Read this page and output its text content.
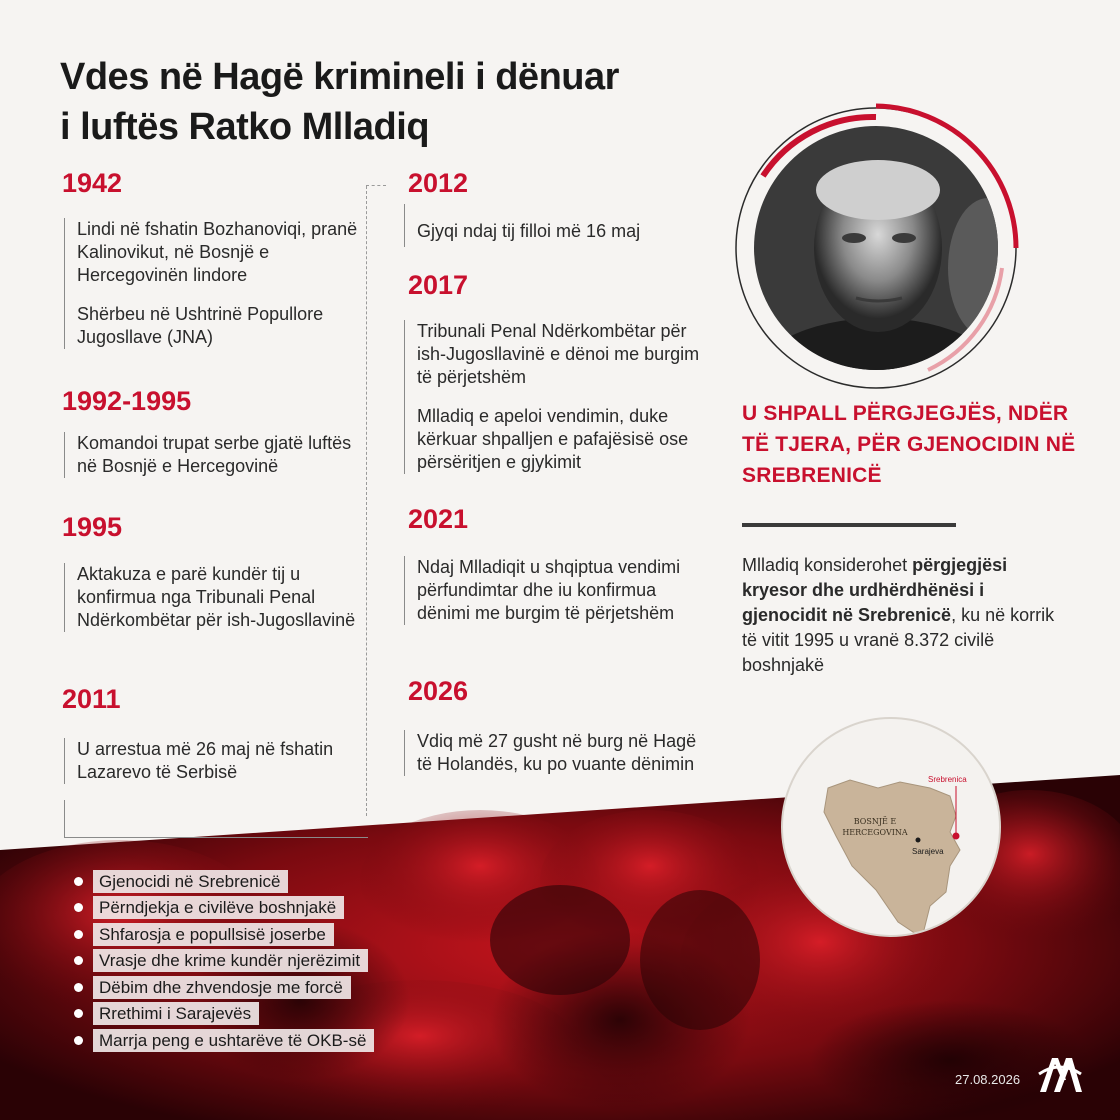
Vdes në Hagë krimineli i dënuar
i luftës Ratko Mlladiq
1942

Lindi në fshatin Bozhanoviqi, pranë Kalinovikut, në Bosnjë e Hercegovinën lindore

Shërbeu në Ushtrinë Popullore Jugosllave (JNA)

1992-1995

Komandoi trupat serbe gjatë luftës në Bosnjë e Hercegovinë

1995

Aktakuza e parë kundër tij u konfirmua nga Tribunali Penal Ndërkombëtar për ish-Jugosllavinë

2011

U arrestua më 26 maj në fshatin Lazarevo të Serbisë

2012

Gjyqi ndaj tij filloi më 16 maj

2017

Tribunali Penal Ndërkombëtar për ish-Jugosllavinë e dënoi me burgim të përjetshëm

Mlladiq e apeloi vendimin, duke kërkuar shpalljen e pafajësisë ose përsëritjen e gjykimit

2021

Ndaj Mlladiqit u shqiptua vendimi përfundimtar dhe iu konfirmua dënimi me burgim të përjetshëm

2026

Vdiq më 27 gusht në burg në Hagë të Holandës, ku po vuante dënimin

U SHPALL PËRGJEGJËS, NDËR TË TJERA, PËR GJENOCIDIN NË SREBRENICË
Mlladiq konsiderohet përgjegjësi kryesor dhe urdhërdhënësi i gjenocidit në Srebrenicë, ku në korrik të vitit 1995 u vranë 8.372 civilë boshnjakë
BOSNJË E
HERCEGOVINA
Sarajeva
Srebrenica
Gjenocidi në Srebrenicë
Përndjekja e civilëve boshnjakë
Shfarosja e popullsisë joserbe
Vrasje dhe krime kundër njerëzimit
Dëbim dhe zhvendosje me forcë
Rrethimi i Sarajevës
Marrja peng e ushtarëve të OKB-së
27.08.2026
